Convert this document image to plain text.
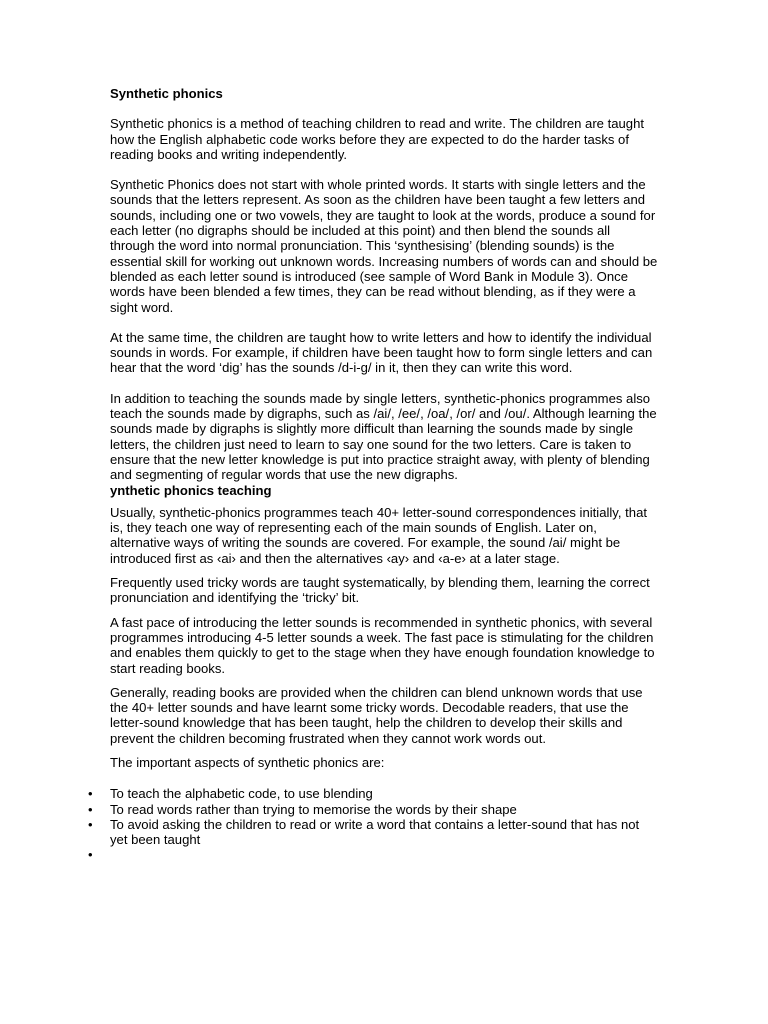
Synthetic phonics

Synthetic phonics is a method of teaching children to read and write. The children are taught how the English alphabetic code works before they are expected to do the harder tasks of reading books and writing independently.

Synthetic Phonics does not start with whole printed words. It starts with single letters and the sounds that the letters represent. As soon as the children have been taught a few letters and sounds, including one or two vowels, they are taught to look at the words, produce a sound for each letter (no digraphs should be included at this point) and then blend the sounds all through the word into normal pronunciation. This ‘synthesising’ (blending sounds) is the essential skill for working out unknown words. Increasing numbers of words can and should be blended as each letter sound is introduced (see sample of Word Bank in Module 3). Once words have been blended a few times, they can be read without blending, as if they were a sight word.

At the same time, the children are taught how to write letters and how to identify the individual sounds in words. For example, if children have been taught how to form single letters and can hear that the word ‘dig’ has the sounds /d-i-g/ in it, then they can write this word.

In addition to teaching the sounds made by single letters, synthetic-phonics programmes also teach the sounds made by digraphs, such as /ai/, /ee/, /oa/, /or/ and /ou/. Although learning the sounds made by digraphs is slightly more difficult than learning the sounds made by single letters, the children just need to learn to say one sound for the two letters. Care is taken to ensure that the new letter knowledge is put into practice straight away, with plenty of blending and segmenting of regular words that use the new digraphs.

ynthetic phonics teaching

Usually, synthetic-phonics programmes teach 40+ letter-sound correspondences initially, that is, they teach one way of representing each of the main sounds of English. Later on, alternative ways of writing the sounds are covered. For example, the sound /ai/ might be introduced first as ‹ai› and then the alternatives ‹ay› and ‹a-e› at a later stage.

Frequently used tricky words are taught systematically, by blending them, learning the correct pronunciation and identifying the ‘tricky’ bit.

A fast pace of introducing the letter sounds is recommended in synthetic phonics, with several programmes introducing 4-5 letter sounds a week. The fast pace is stimulating for the children and enables them quickly to get to the stage when they have enough foundation knowledge to start reading books.

Generally, reading books are provided when the children can blend unknown words that use the 40+ letter sounds and have learnt some tricky words. Decodable readers, that use the letter-sound knowledge that has been taught, help the children to develop their skills and prevent the children becoming frustrated when they cannot work words out.

The important aspects of synthetic phonics are:

• To teach the alphabetic code, to use blending
• To read words rather than trying to memorise the words by their shape
• To avoid asking the children to read or write a word that contains a letter-sound that has not yet been taught
•
